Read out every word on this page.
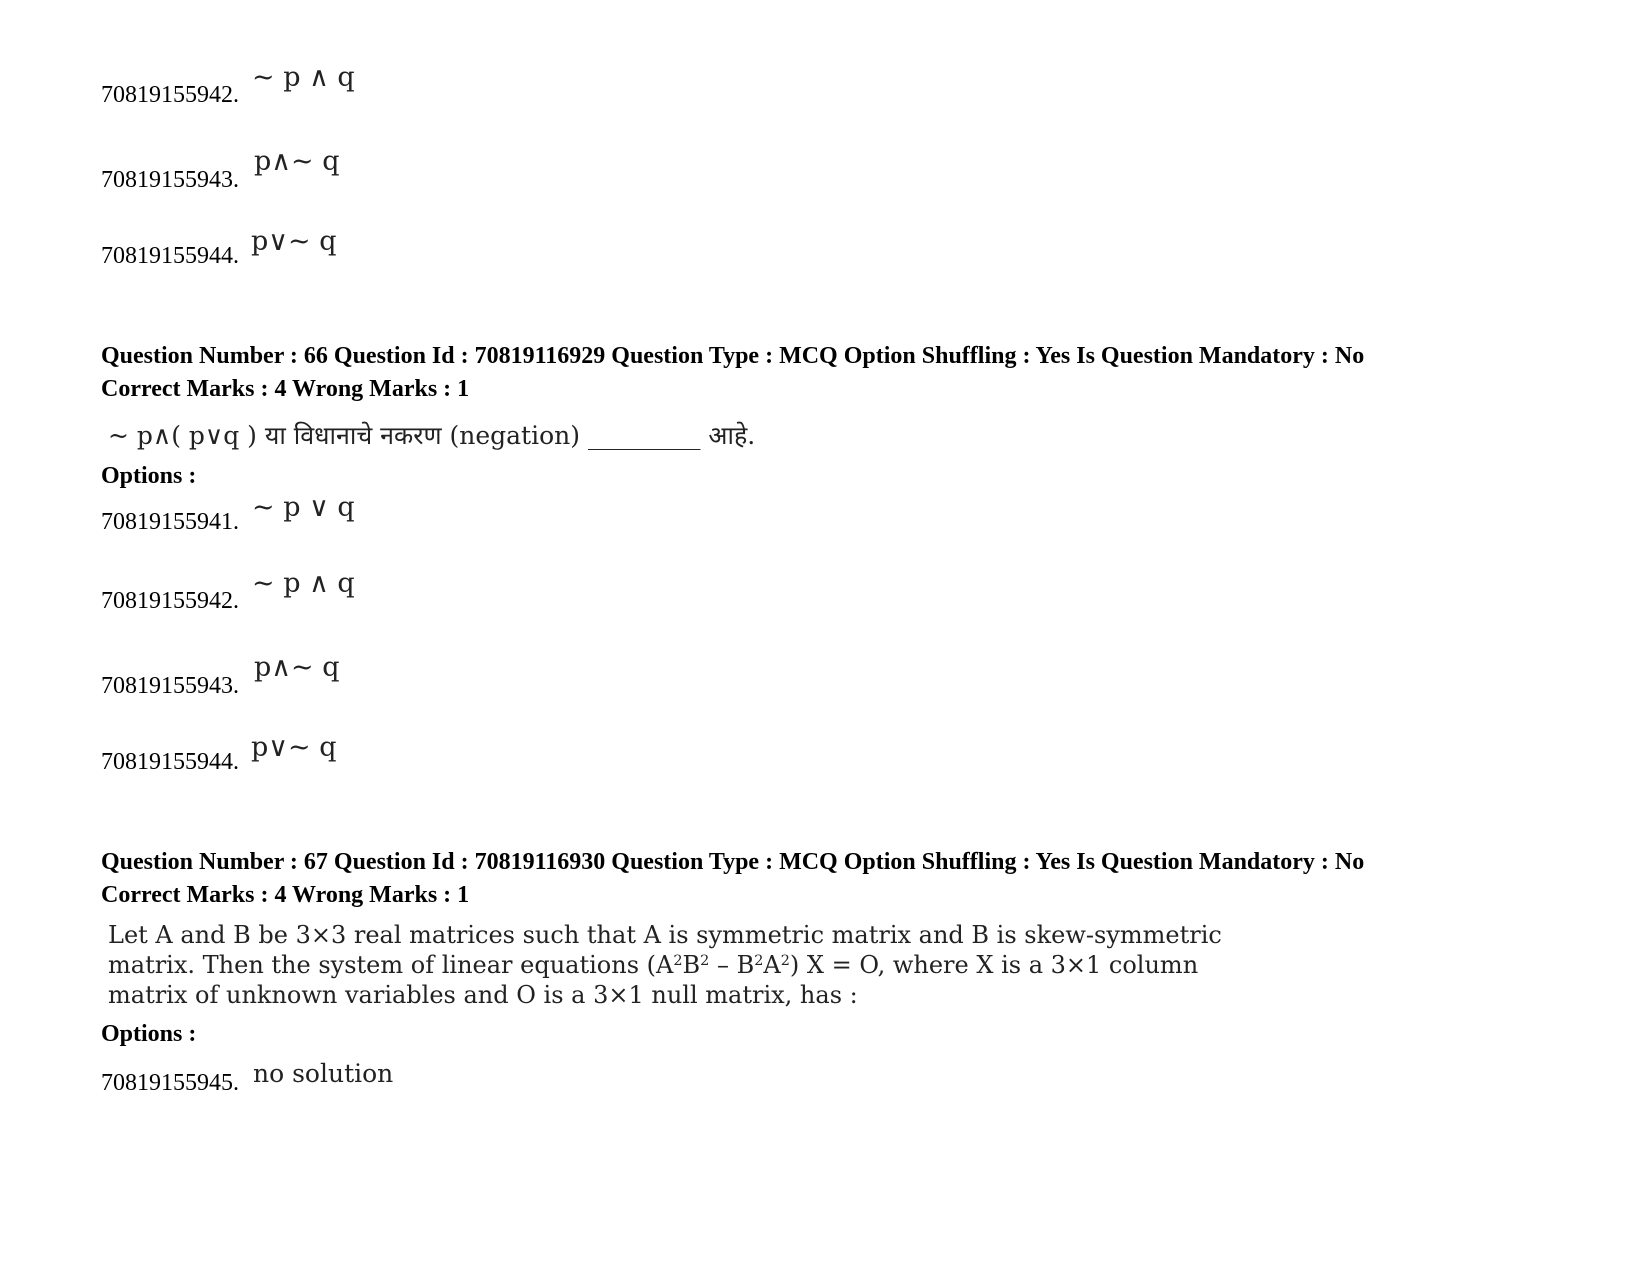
70819155942.
~ p ∧ q
70819155943.
p∧~ q
70819155944. p∨~ q
Question Number : 66 Question Id : 70819116929 Question Type : MCQ Option Shuffling : Yes Is Question Mandatory : No
Correct Marks : 4 Wrong Marks : 1
~ p∧( p∨q ) या विधानाचे नकरण (negation) _________ आहे.
Options :
70819155941. ~ p ∨ q
70819155942.
~ p ∧ q
70819155943.
p∧~ q
70819155944. p∨~ q
Question Number : 67 Question Id : 70819116930 Question Type : MCQ Option Shuffling : Yes Is Question Mandatory : No
Correct Marks : 4 Wrong Marks : 1
Let A and B be 3×3 real matrices such that A is symmetric matrix and B is skew-symmetric
matrix. Then the system of linear equations $(A^2B^2 - B^2A^2) X = O$, where X is a 3×1 column
matrix of unknown variables and O is a 3×1 null matrix, has :
Options :
70819155945. no solution
